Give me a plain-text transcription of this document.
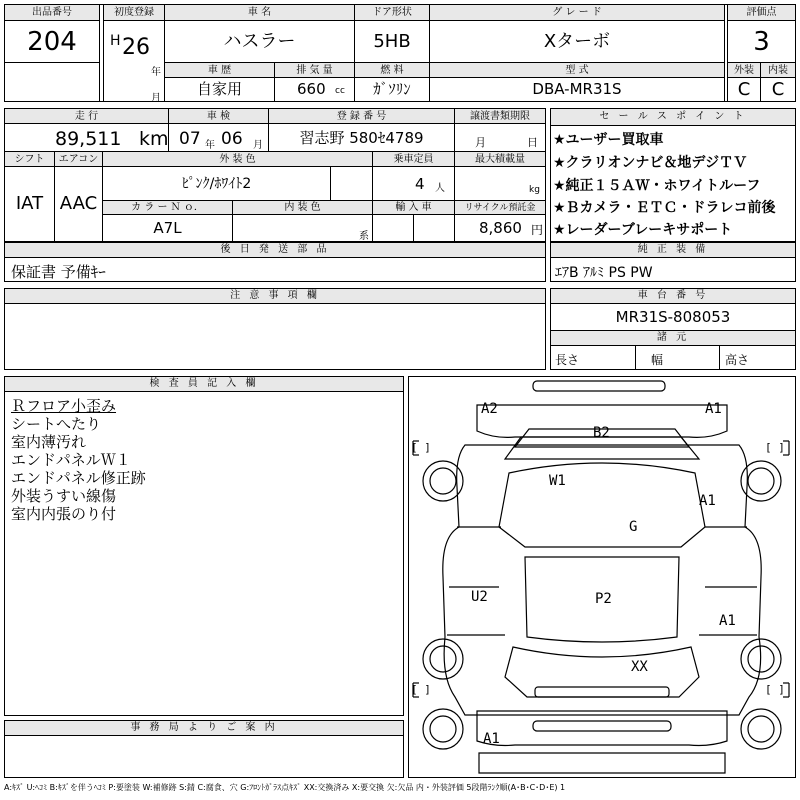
出品番号
204
初度登録
H 26
年
月
車 名
ハスラー
ドア形状
5HB
グ レ ー ド
Xターボ
評価点
3
車 歴
自家用
排 気 量
660 cc
燃 料
ｶﾞｿﾘﾝ
型 式
DBA-MR31S
外装	内装
C	C
走 行
89,511 km
車 検
07 年 06 月
登 録 番 号
習志野 580ｾ4789
譲渡書類期限
月	日
シフト
IAT
エアコン
AAC
外 装 色
ﾋﾟﾝｸ/ﾎﾜｲﾄ2
乗車定員
4 人
最大積載量
kg
カ ラ ー Ｎ ｏ．
A7L
内 装 色
系
輸 入 車	リサイクル預託金
8,860 円
後 日 発 送 部 品
保証書 予備ｷｰ
セ ー ル ス ポ イ ン ト
★ユーザー買取車
★クラリオンナビ＆地デジＴＶ
★純正１５ＡＷ・ホワイトルーフ
★Ｂカメラ・ＥＴＣ・ドラレコ前後
★レーダーブレーキサポート
純 正 装 備
ｴｱB ｱﾙﾐ PS PW
注 意 事 項 欄	車 台 番 号
MR31S-808053
諸 元
長さ	幅	高さ
検 査 員 記 入 欄
Ｒフロア小歪み
シートへたり
室内薄汚れ
エンドパネルＷ１
エンドパネル修正跡
外装うすい線傷
室内内張のり付
事 務 局 よ り ご 案 内
A2	A1
B2
W1
A1
G
U2	P2
A1
XX
A1
[ ]	[ ]
[ ]	[ ]
A:ｷｽﾞ U:ﾍｺﾐ B:ｷｽﾞを伴うﾍｺﾐ P:要塗装 W:補修跡 S:錆 C:腐食、穴 G:ﾌﾛﾝﾄｶﾞﾗｽ点ｷｽﾞ XX:交換済み X:要交換 欠:欠品 内・外装評価 5段階ﾗﾝｸ順(A･B･C･D･E) 1
